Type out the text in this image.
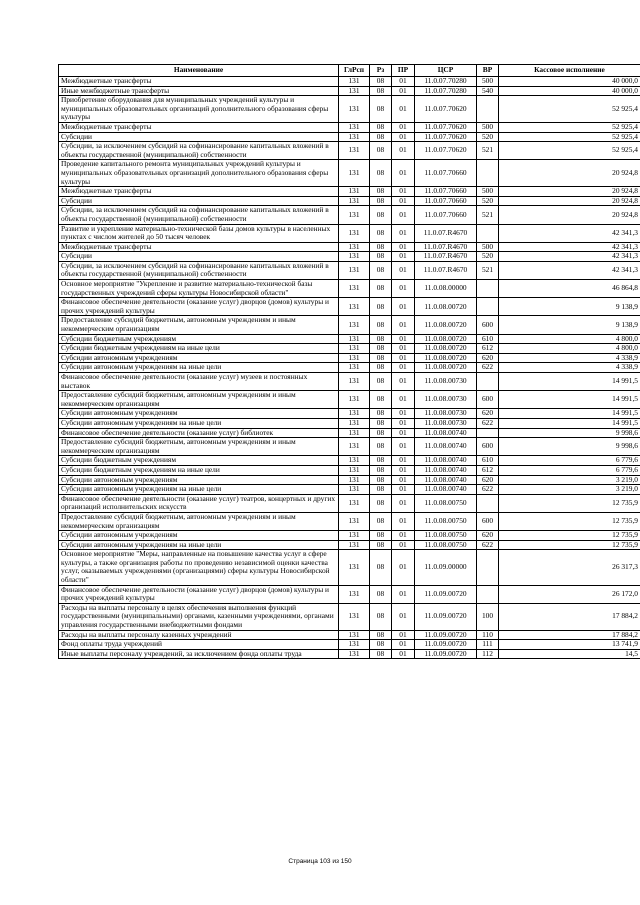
Наименование	ГлРсп	Рз	ПР	ЦСР	ВР	Кассовое исполнение
Межбюджетные трансферты	131	08	01	11.0.07.70280	500	40 000,0
Иные межбюджетные трансферты	131	08	01	11.0.07.70280	540	40 000,0
Приобретение оборудования для муниципальных учреждений культуры и муниципальных образовательных организаций дополнительного образования сферы культуры	131	08	01	11.0.07.70620		52 925,4
Межбюджетные трансферты	131	08	01	11.0.07.70620	500	52 925,4
Субсидии	131	08	01	11.0.07.70620	520	52 925,4
Субсидии, за исключением субсидий на софинансирование капитальных вложений в объекты государственной (муниципальной) собственности	131	08	01	11.0.07.70620	521	52 925,4
Проведение капитального ремонта муниципальных учреждений культуры и муниципальных образовательных организаций дополнительного образования сферы культуры	131	08	01	11.0.07.70660		20 924,8
Межбюджетные трансферты	131	08	01	11.0.07.70660	500	20 924,8
Субсидии	131	08	01	11.0.07.70660	520	20 924,8
Субсидии, за исключением субсидий на софинансирование капитальных вложений в объекты государственной (муниципальной) собственности	131	08	01	11.0.07.70660	521	20 924,8
Развитие и укрепление материально-технической базы домов культуры в населенных пунктах с числом жителей до 50 тысяч человек	131	08	01	11.0.07.R4670		42 341,3
Межбюджетные трансферты	131	08	01	11.0.07.R4670	500	42 341,3
Субсидии	131	08	01	11.0.07.R4670	520	42 341,3
Субсидии, за исключением субсидий на софинансирование капитальных вложений в объекты государственной (муниципальной) собственности	131	08	01	11.0.07.R4670	521	42 341,3
Основное мероприятие "Укрепление и развитие материально-технической базы государственных учреждений сферы культуры Новосибирской области"	131	08	01	11.0.08.00000		46 864,8
Финансовое обеспечение деятельности (оказание услуг) дворцов (домов) культуры и прочих учреждений культуры	131	08	01	11.0.08.00720		9 138,9
Предоставление субсидий бюджетным, автономным учреждениям и иным некоммерческим организациям	131	08	01	11.0.08.00720	600	9 138,9
Субсидии бюджетным учреждениям	131	08	01	11.0.08.00720	610	4 800,0
Субсидии бюджетным учреждениям на иные цели	131	08	01	11.0.08.00720	612	4 800,0
Субсидии автономным учреждениям	131	08	01	11.0.08.00720	620	4 338,9
Субсидии автономным учреждениям на иные цели	131	08	01	11.0.08.00720	622	4 338,9
Финансовое обеспечение деятельности (оказание услуг) музеев и постоянных выставок	131	08	01	11.0.08.00730		14 991,5
Предоставление субсидий бюджетным, автономным учреждениям и иным некоммерческим организациям	131	08	01	11.0.08.00730	600	14 991,5
Субсидии автономным учреждениям	131	08	01	11.0.08.00730	620	14 991,5
Субсидии автономным учреждениям на иные цели	131	08	01	11.0.08.00730	622	14 991,5
Финансовое обеспечение деятельности (оказание услуг) библиотек	131	08	01	11.0.08.00740		9 998,6
Предоставление субсидий бюджетным, автономным учреждениям и иным некоммерческим организациям	131	08	01	11.0.08.00740	600	9 998,6
Субсидии бюджетным учреждениям	131	08	01	11.0.08.00740	610	6 779,6
Субсидии бюджетным учреждениям на иные цели	131	08	01	11.0.08.00740	612	6 779,6
Субсидии автономным учреждениям	131	08	01	11.0.08.00740	620	3 219,0
Субсидии автономным учреждениям на иные цели	131	08	01	11.0.08.00740	622	3 219,0
Финансовое обеспечение деятельности (оказание услуг) театров, концертных и других организаций исполнительских искусств	131	08	01	11.0.08.00750		12 735,9
Предоставление субсидий бюджетным, автономным учреждениям и иным некоммерческим организациям	131	08	01	11.0.08.00750	600	12 735,9
Субсидии автономным учреждениям	131	08	01	11.0.08.00750	620	12 735,9
Субсидии автономным учреждениям на иные цели	131	08	01	11.0.08.00750	622	12 735,9
Основное мероприятие "Меры, направленные на повышение качества услуг в сфере культуры, а также организация работы по проведению независимой оценки качества услуг, оказываемых учреждениями (организациями) сферы культуры Новосибирской области"	131	08	01	11.0.09.00000		26 317,3
Финансовое обеспечение деятельности (оказание услуг) дворцов (домов) культуры и прочих учреждений культуры	131	08	01	11.0.09.00720		26 172,0
Расходы на выплаты персоналу в целях обеспечения выполнения функций государственными (муниципальными) органами, казенными учреждениями, органами управления государственными внебюджетными фондами	131	08	01	11.0.09.00720	100	17 884,2
Расходы на выплаты персоналу казенных учреждений	131	08	01	11.0.09.00720	110	17 884,2
Фонд оплаты труда учреждений	131	08	01	11.0.09.00720	111	13 741,9
Иные выплаты персоналу учреждений, за исключением фонда оплаты труда	131	08	01	11.0.09.00720	112	14,5
Страница 103 из 150
